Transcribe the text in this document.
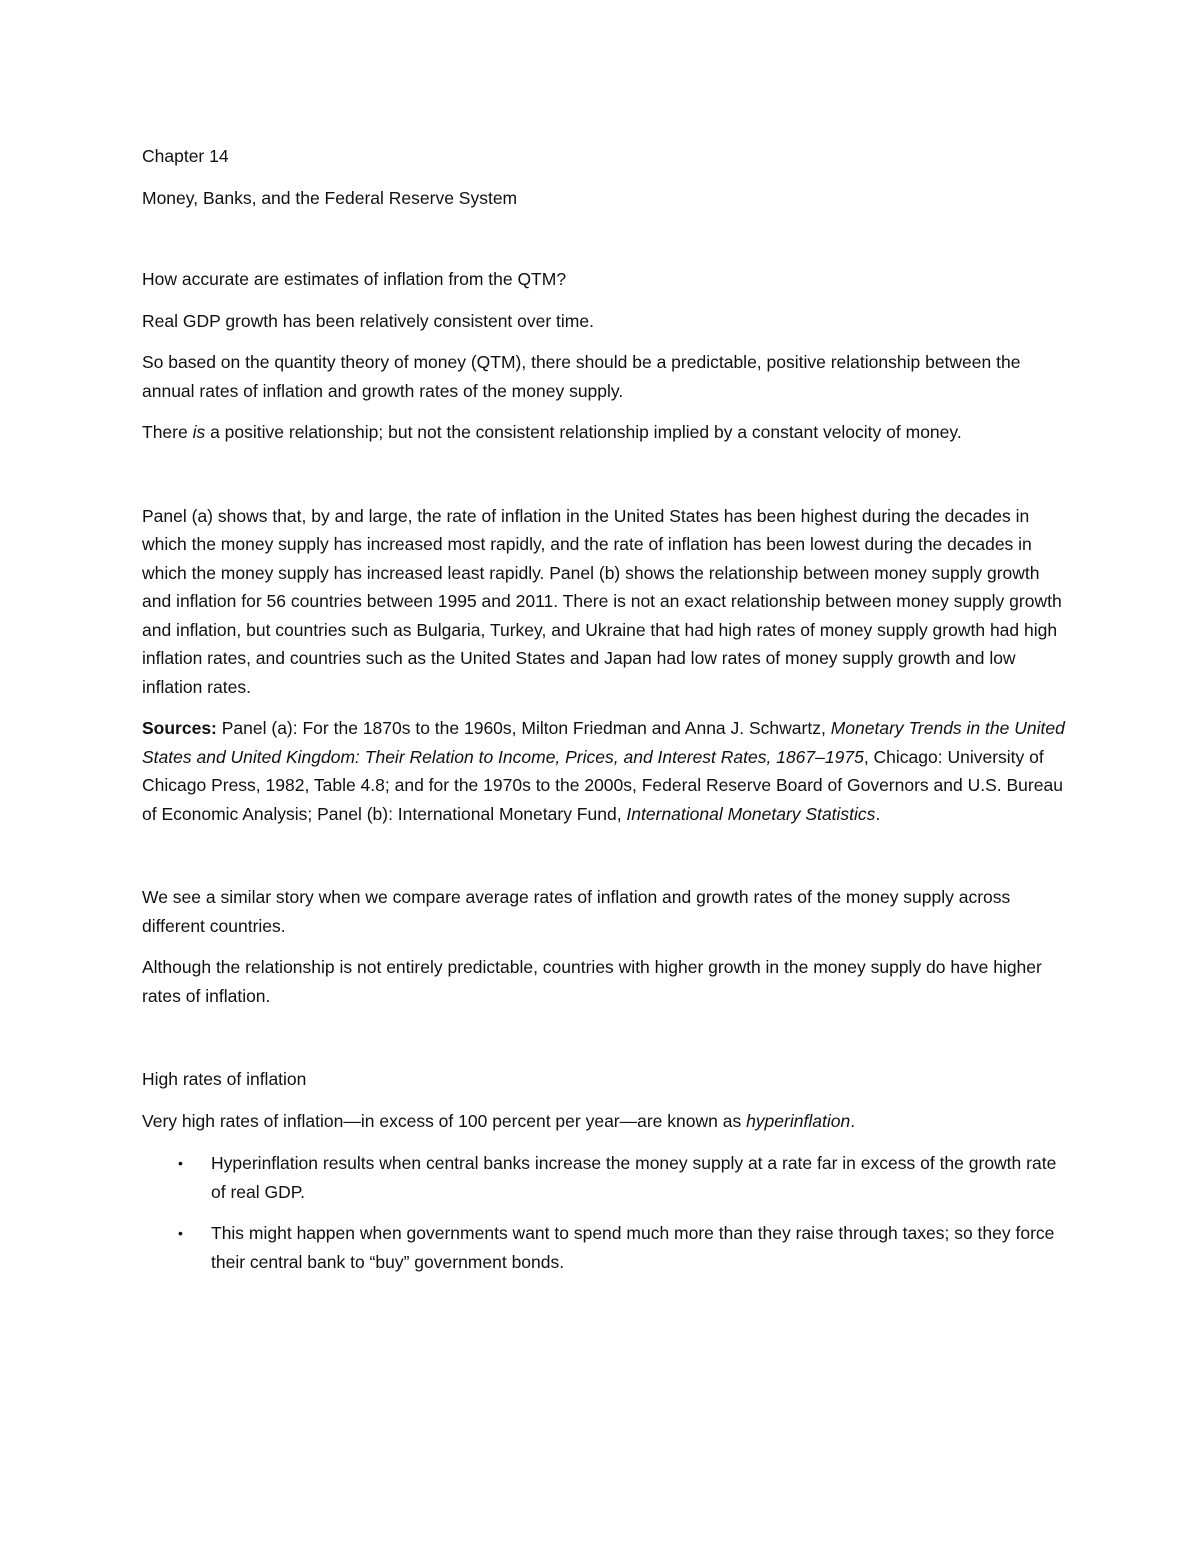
Chapter 14

Money, Banks, and the Federal Reserve System

How accurate are estimates of inflation from the QTM?

Real GDP growth has been relatively consistent over time.

So based on the quantity theory of money (QTM), there should be a predictable, positive relationship between the annual rates of inflation and growth rates of the money supply.

There is a positive relationship; but not the consistent relationship implied by a constant velocity of money.

Panel (a) shows that, by and large, the rate of inflation in the United States has been highest during the decades in which the money supply has increased most rapidly, and the rate of inflation has been lowest during the decades in which the money supply has increased least rapidly. Panel (b) shows the relationship between money supply growth and inflation for 56 countries between 1995 and 2011. There is not an exact relationship between money supply growth and inflation, but countries such as Bulgaria, Turkey, and Ukraine that had high rates of money supply growth had high inflation rates, and countries such as the United States and Japan had low rates of money supply growth and low inflation rates.

Sources: Panel (a): For the 1870s to the 1960s, Milton Friedman and Anna J. Schwartz, Monetary Trends in the United States and United Kingdom: Their Relation to Income, Prices, and Interest Rates, 1867–1975, Chicago: University of Chicago Press, 1982, Table 4.8; and for the 1970s to the 2000s, Federal Reserve Board of Governors and U.S. Bureau of Economic Analysis; Panel (b): International Monetary Fund, International Monetary Statistics.

We see a similar story when we compare average rates of inflation and growth rates of the money supply across different countries.

Although the relationship is not entirely predictable, countries with higher growth in the money supply do have higher rates of inflation.

High rates of inflation

Very high rates of inflation—in excess of 100 percent per year—are known as hyperinflation.

• Hyperinflation results when central banks increase the money supply at a rate far in excess of the growth rate of real GDP.
• This might happen when governments want to spend much more than they raise through taxes; so they force their central bank to “buy” government bonds.
